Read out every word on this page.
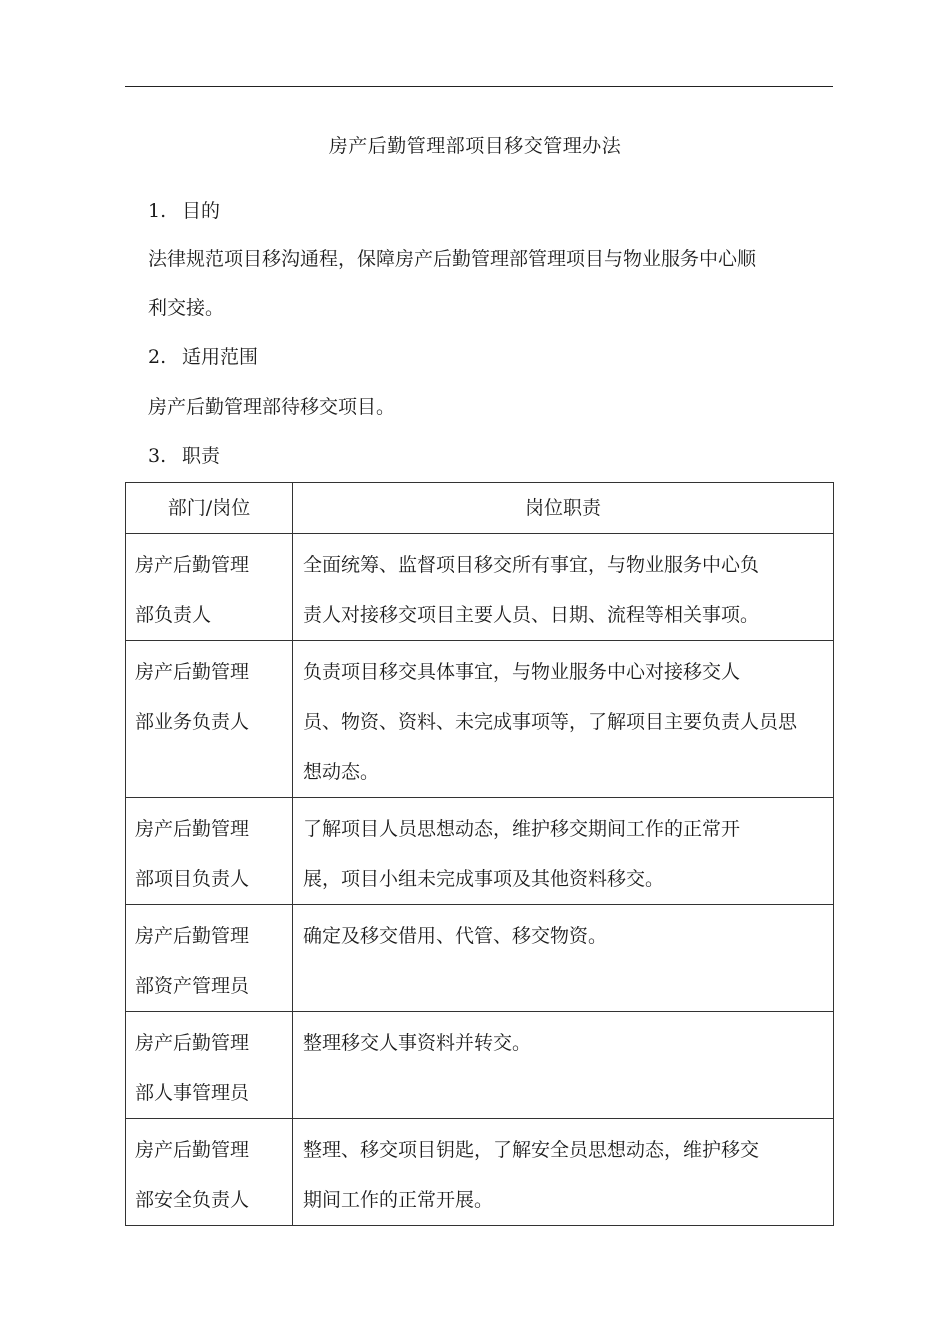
房产后勤管理部项目移交管理办法
1. 目的
法律规范项目移沟通程，保障房产后勤管理部管理项目与物业服务中心顺
利交接。
2. 适用范围
房产后勤管理部待移交项目。
3. 职责
部门/岗位	岗位职责

房产后勤管理
部负责人	全面统筹、监督项目移交所有事宜，与物业服务中心负
责人对接移交项目主要人员、日期、流程等相关事项。

房产后勤管理
部业务负责人	负责项目移交具体事宜，与物业服务中心对接移交人
员、物资、资料、未完成事项等，了解项目主要负责人员思
想动态。

房产后勤管理
部项目负责人	了解项目人员思想动态，维护移交期间工作的正常开
展，项目小组未完成事项及其他资料移交。

房产后勤管理
部资产管理员	确定及移交借用、代管、移交物资。

房产后勤管理
部人事管理员	整理移交人事资料并转交。

房产后勤管理
部安全负责人	整理、移交项目钥匙，了解安全员思想动态，维护移交
期间工作的正常开展。
